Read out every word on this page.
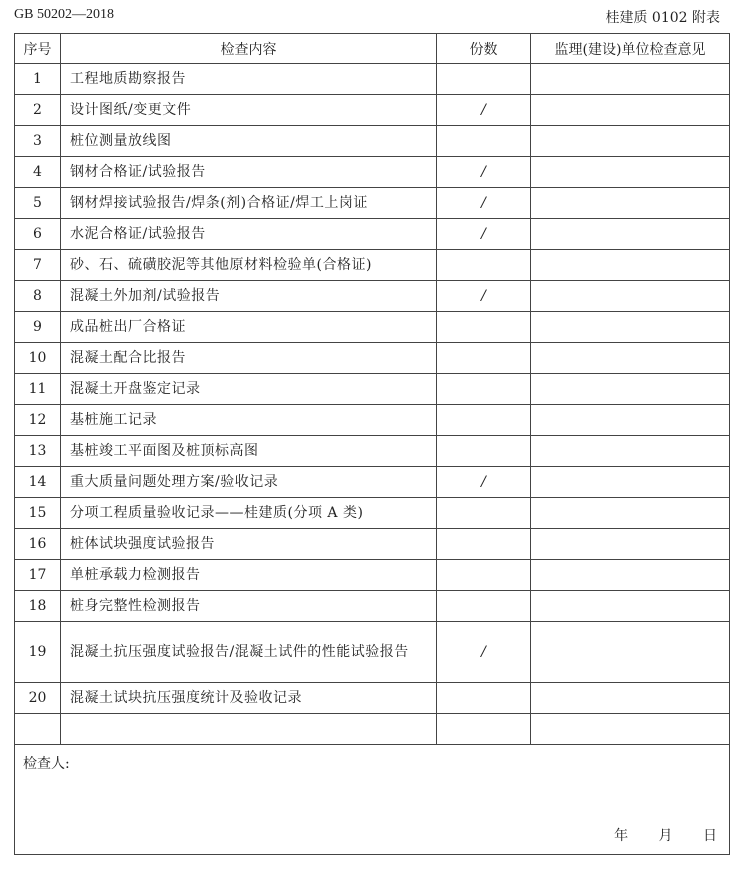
GB 50202—2018	桂建质 0102 附表
序号	检查内容	份数	监理(建设)单位检查意见
1	工程地质勘察报告		
2	设计图纸/变更文件	/	
3	桩位测量放线图		
4	钢材合格证/试验报告	/	
5	钢材焊接试验报告/焊条(剂)合格证/焊工上岗证	/	
6	水泥合格证/试验报告	/	
7	砂、石、硫磺胶泥等其他原材料检验单(合格证)		
8	混凝土外加剂/试验报告	/	
9	成品桩出厂合格证		
10	混凝土配合比报告		
11	混凝土开盘鉴定记录		
12	基桩施工记录		
13	基桩竣工平面图及桩顶标高图		
14	重大质量问题处理方案/验收记录	/	
15	分项工程质量验收记录——桂建质(分项 A 类)		
16	桩体试块强度试验报告		
17	单桩承载力检测报告		
18	桩身完整性检测报告		
19	混凝土抗压强度试验报告/混凝土试件的性能试验报告	/	
20	混凝土试块抗压强度统计及验收记录		

检查人:
年 月 日			
